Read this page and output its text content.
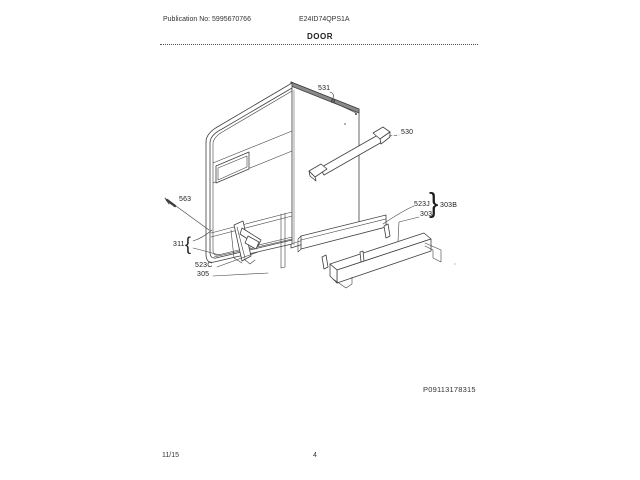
Publication No: 5995670766	E24ID74QPS1A
DOOR
531
530
563
311 {
523C
305
523J
303
} 303B
P09113178315
11/15	4
